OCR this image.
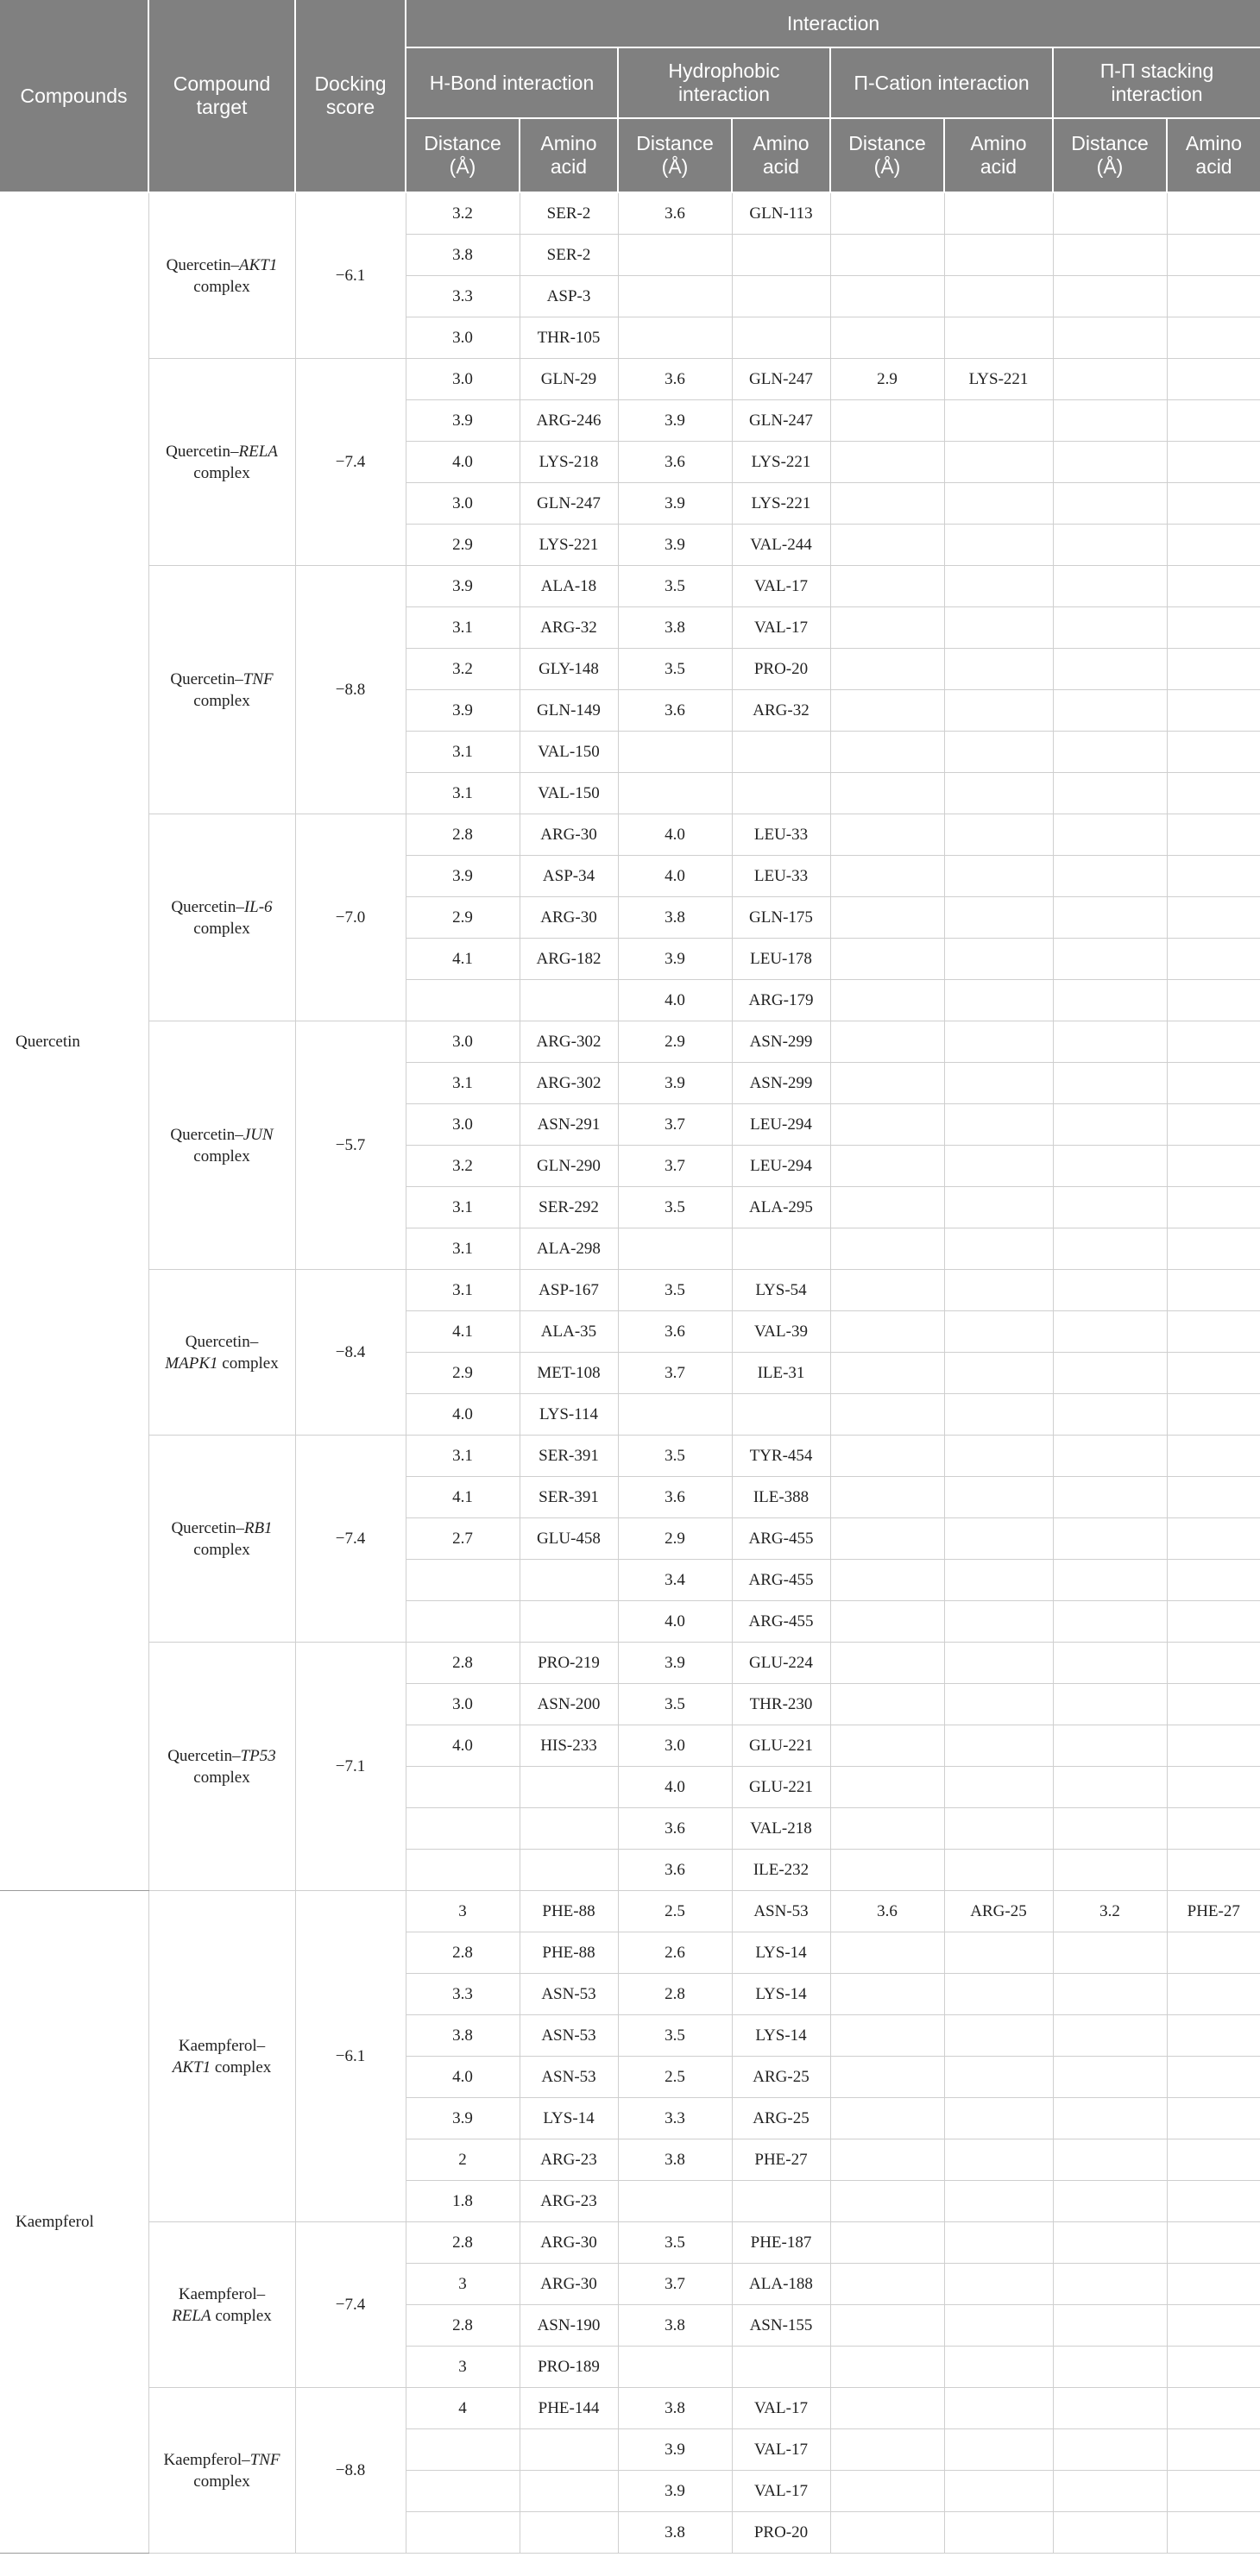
Compounds	Compound target	Docking score	Interaction							
			H-Bond interaction		Hydrophobic interaction		Π-Cation interaction		Π-Π stacking interaction	
			Distance (Å)	Amino acid	Distance (Å)	Amino acid	Distance (Å)	Amino acid	Distance (Å)	Amino acid
Quercetin	Quercetin–AKT1 complex	−6.1	3.2	SER-2	3.6	GLN-113				
			3.8	SER-2						
			3.3	ASP-3						
			3.0	THR-105						
	Quercetin–RELA complex	−7.4	3.0	GLN-29	3.6	GLN-247	2.9	LYS-221		
			3.9	ARG-246	3.9	GLN-247				
			4.0	LYS-218	3.6	LYS-221				
			3.0	GLN-247	3.9	LYS-221				
			2.9	LYS-221	3.9	VAL-244				
	Quercetin–TNF complex	−8.8	3.9	ALA-18	3.5	VAL-17				
			3.1	ARG-32	3.8	VAL-17				
			3.2	GLY-148	3.5	PRO-20				
			3.9	GLN-149	3.6	ARG-32				
			3.1	VAL-150						
			3.1	VAL-150						
	Quercetin–IL-6 complex	−7.0	2.8	ARG-30	4.0	LEU-33				
			3.9	ASP-34	4.0	LEU-33				
			2.9	ARG-30	3.8	GLN-175				
			4.1	ARG-182	3.9	LEU-178				
					4.0	ARG-179				
	Quercetin–JUN complex	−5.7	3.0	ARG-302	2.9	ASN-299				
			3.1	ARG-302	3.9	ASN-299				
			3.0	ASN-291	3.7	LEU-294				
			3.2	GLN-290	3.7	LEU-294				
			3.1	SER-292	3.5	ALA-295				
			3.1	ALA-298						
	Quercetin–MAPK1 complex	−8.4	3.1	ASP-167	3.5	LYS-54				
			4.1	ALA-35	3.6	VAL-39				
			2.9	MET-108	3.7	ILE-31				
			4.0	LYS-114						
	Quercetin–RB1 complex	−7.4	3.1	SER-391	3.5	TYR-454				
			4.1	SER-391	3.6	ILE-388				
			2.7	GLU-458	2.9	ARG-455				
					3.4	ARG-455				
					4.0	ARG-455				
	Quercetin–TP53 complex	−7.1	2.8	PRO-219	3.9	GLU-224				
			3.0	ASN-200	3.5	THR-230				
			4.0	HIS-233	3.0	GLU-221				
					4.0	GLU-221				
					3.6	VAL-218				
					3.6	ILE-232				
Kaempferol	Kaempferol–AKT1 complex	−6.1	3	PHE-88	2.5	ASN-53	3.6	ARG-25	3.2	PHE-27
			2.8	PHE-88	2.6	LYS-14				
			3.3	ASN-53	2.8	LYS-14				
			3.8	ASN-53	3.5	LYS-14				
			4.0	ASN-53	2.5	ARG-25				
			3.9	LYS-14	3.3	ARG-25				
			2	ARG-23	3.8	PHE-27				
			1.8	ARG-23						
	Kaempferol–RELA complex	−7.4	2.8	ARG-30	3.5	PHE-187				
			3	ARG-30	3.7	ALA-188				
			2.8	ASN-190	3.8	ASN-155				
			3	PRO-189						
	Kaempferol–TNF complex	−8.8	4	PHE-144	3.8	VAL-17				
					3.9	VAL-17				
					3.9	VAL-17				
					3.8	PRO-20				
